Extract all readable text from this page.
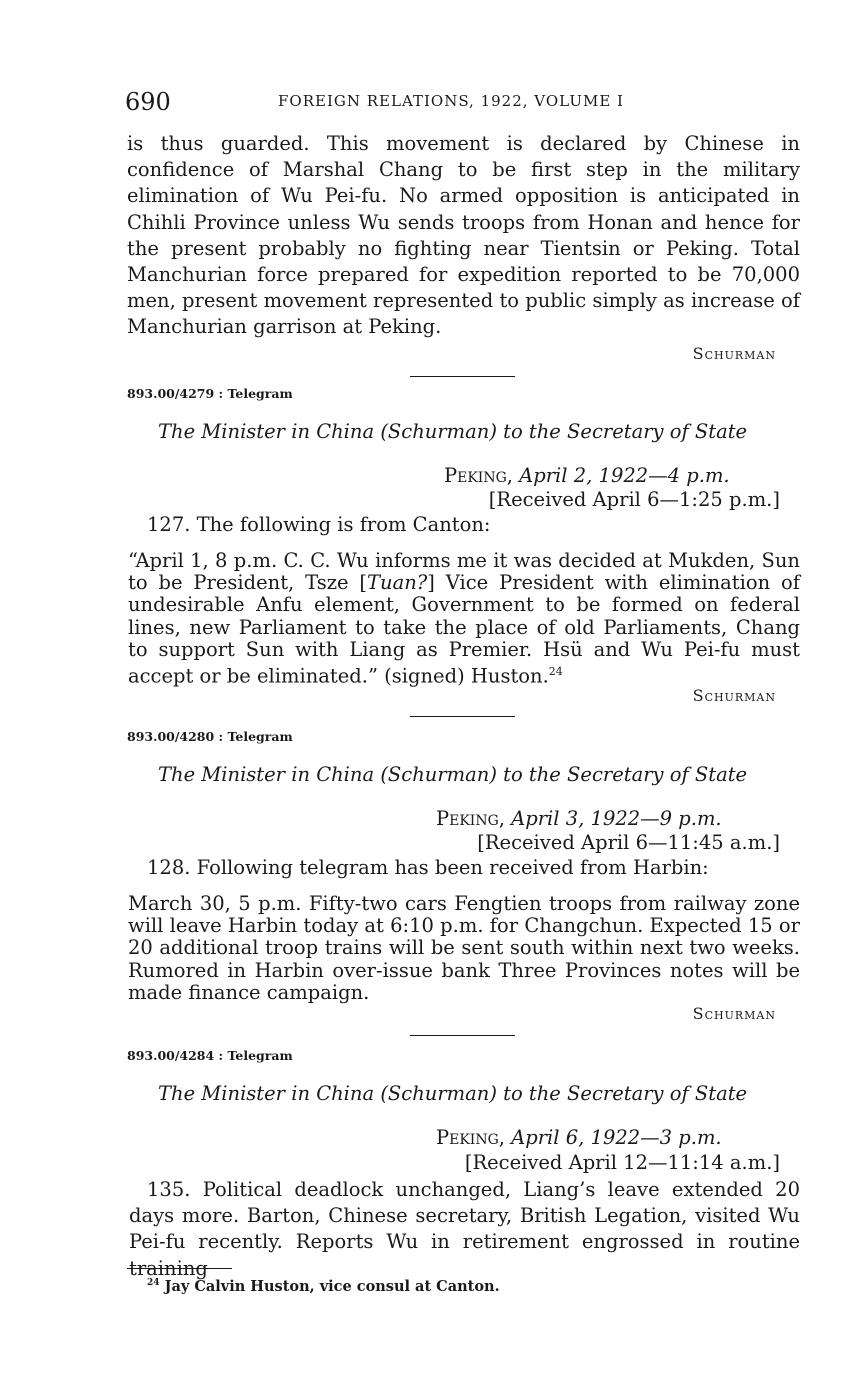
690	FOREIGN RELATIONS, 1922, VOLUME I
is thus guarded. This movement is declared by Chinese in confidence of Marshal Chang to be first step in the military elimination of Wu Pei-fu. No armed opposition is anticipated in Chihli Province unless Wu sends troops from Honan and hence for the present probably no fighting near Tientsin or Peking. Total Manchurian force prepared for expedition reported to be 70,000 men, present movement represented to public simply as increase of Manchurian garrison at Peking.
Schurman
893.00/4279 : Telegram
The Minister in China (Schurman) to the Secretary of State
Peking, April 2, 1922—4 p.m.
[Received April 6—1:25 p.m.]
127. The following is from Canton:
“April 1, 8 p.m. C. C. Wu informs me it was decided at Mukden, Sun to be President, Tsze [Tuan?] Vice President with elimination of undesirable Anfu element, Government to be formed on federal lines, new Parliament to take the place of old Parliaments, Chang to support Sun with Liang as Premier. Hsü and Wu Pei-fu must accept or be eliminated.” (signed) Huston.$^{24}$
Schurman
893.00/4280 : Telegram
The Minister in China (Schurman) to the Secretary of State
Peking, April 3, 1922—9 p.m.
[Received April 6—11:45 a.m.]
128. Following telegram has been received from Harbin:
March 30, 5 p.m. Fifty-two cars Fengtien troops from railway zone will leave Harbin today at 6:10 p.m. for Changchun. Expected 15 or 20 additional troop trains will be sent south within next two weeks. Rumored in Harbin over-issue bank Three Provinces notes will be made finance campaign.
Schurman
893.00/4284 : Telegram
The Minister in China (Schurman) to the Secretary of State
Peking, April 6, 1922—3 p.m.
[Received April 12—11:14 a.m.]
135. Political deadlock unchanged, Liang’s leave extended 20 days more. Barton, Chinese secretary, British Legation, visited Wu Pei-fu recently. Reports Wu in retirement engrossed in routine training
$^{24}$ Jay Calvin Huston, vice consul at Canton.
